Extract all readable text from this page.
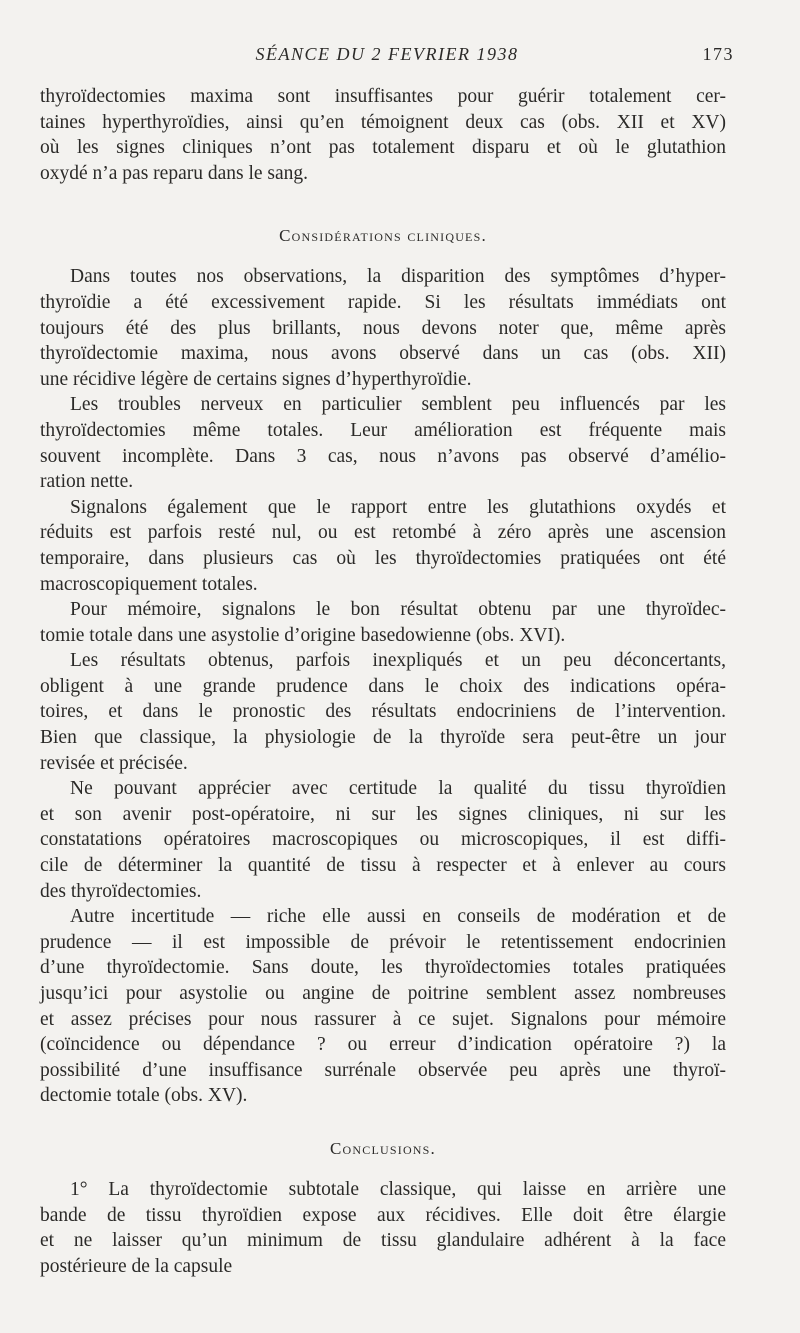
SÉANCE DU 2 FEVRIER 1938	173
thyroïdectomies maxima sont insuffisantes pour guérir totalement cer-
taines hyperthyroïdies, ainsi qu’en témoignent deux cas (obs. XII et XV)
où les signes cliniques n’ont pas totalement disparu et où le glutathion
oxydé n’a pas reparu dans le sang.
Considérations cliniques.
Dans toutes nos observations, la disparition des symptômes d’hyper-
thyroïdie a été excessivement rapide. Si les résultats immédiats ont
toujours été des plus brillants, nous devons noter que, même après
thyroïdectomie maxima, nous avons observé dans un cas (obs. XII)
une récidive légère de certains signes d’hyperthyroïdie.
Les troubles nerveux en particulier semblent peu influencés par les
thyroïdectomies même totales. Leur amélioration est fréquente mais
souvent incomplète. Dans 3 cas, nous n’avons pas observé d’amélio-
ration nette.
Signalons également que le rapport entre les glutathions oxydés et
réduits est parfois resté nul, ou est retombé à zéro après une ascension
temporaire, dans plusieurs cas où les thyroïdectomies pratiquées ont été
macroscopiquement totales.
Pour mémoire, signalons le bon résultat obtenu par une thyroïdec-
tomie totale dans une asystolie d’origine basedowienne (obs. XVI).
Les résultats obtenus, parfois inexpliqués et un peu déconcertants,
obligent à une grande prudence dans le choix des indications opéra-
toires, et dans le pronostic des résultats endocriniens de l’intervention.
Bien que classique, la physiologie de la thyroïde sera peut-être un jour
revisée et précisée.
Ne pouvant apprécier avec certitude la qualité du tissu thyroïdien
et son avenir post-opératoire, ni sur les signes cliniques, ni sur les
constatations opératoires macroscopiques ou microscopiques, il est diffi-
cile de déterminer la quantité de tissu à respecter et à enlever au cours
des thyroïdectomies.
Autre incertitude — riche elle aussi en conseils de modération et de
prudence — il est impossible de prévoir le retentissement endocrinien
d’une thyroïdectomie. Sans doute, les thyroïdectomies totales pratiquées
jusqu’ici pour asystolie ou angine de poitrine semblent assez nombreuses
et assez précises pour nous rassurer à ce sujet. Signalons pour mémoire
(coïncidence ou dépendance ? ou erreur d’indication opératoire ?) la
possibilité d’une insuffisance surrénale observée peu après une thyroï-
dectomie totale (obs. XV).
Conclusions.
1° La thyroïdectomie subtotale classique, qui laisse en arrière une
bande de tissu thyroïdien expose aux récidives. Elle doit être élargie
et ne laisser qu’un minimum de tissu glandulaire adhérent à la face
postérieure de la capsule
